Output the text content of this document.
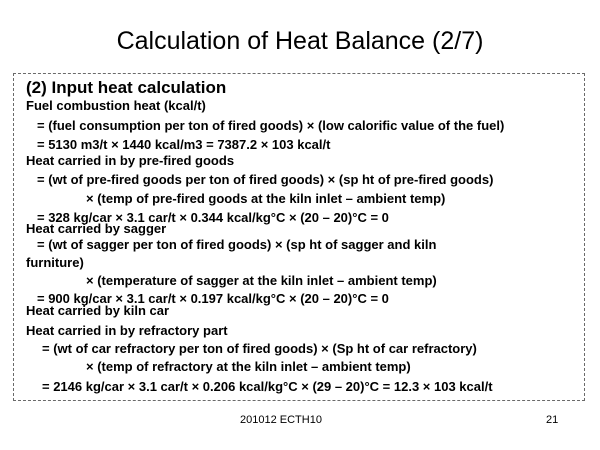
Calculation of Heat Balance (2/7)
(2) Input heat calculation
Fuel combustion heat (kcal/t)
= (fuel consumption per ton of fired goods) × (low calorific value of the fuel)
= 5130 m3/t × 1440 kcal/m3 = 7387.2 × 103 kcal/t
Heat carried in by pre-fired goods
= (wt of pre-fired goods per ton of fired goods) × (sp ht of pre-fired goods)
× (temp of pre-fired goods at the kiln inlet – ambient temp)
= 328 kg/car × 3.1 car/t × 0.344 kcal/kg°C × (20 – 20)°C = 0
Heat carried by sagger
= (wt of sagger per ton of fired goods) × (sp ht of sagger and kiln
furniture)
× (temperature of sagger at the kiln inlet – ambient temp)
= 900 kg/car × 3.1 car/t × 0.197 kcal/kg°C × (20 – 20)°C = 0
Heat carried by kiln car
Heat carried in by refractory part
= (wt of car refractory per ton of fired goods) × (Sp ht of car refractory)
× (temp of refractory at the kiln inlet – ambient temp)
= 2146 kg/car × 3.1 car/t × 0.206 kcal/kg°C × (29 – 20)°C = 12.3 × 103 kcal/t
201012 ECTH10	21
